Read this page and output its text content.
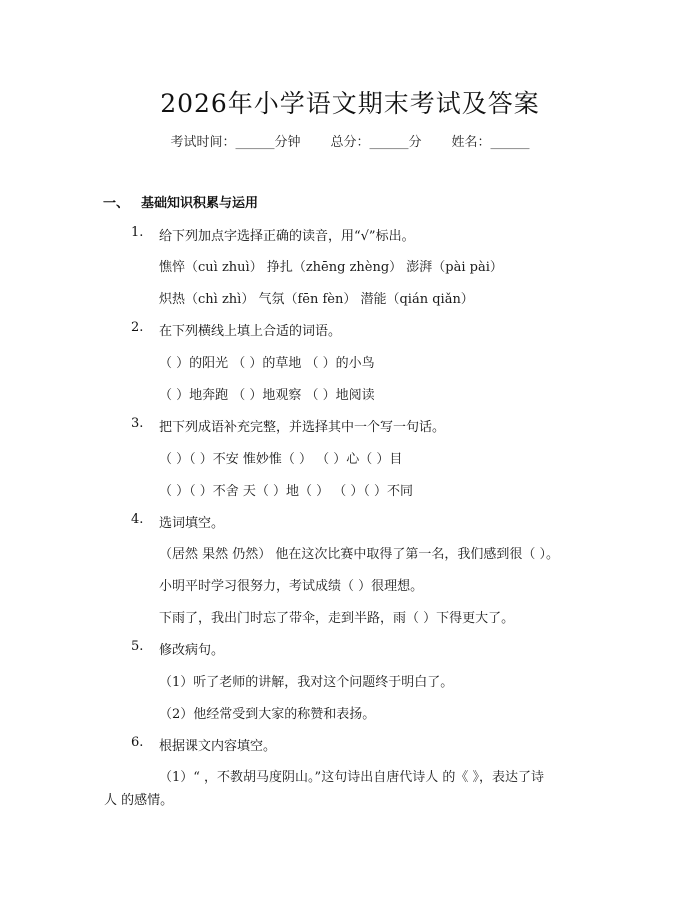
2026年小学语文期末考试及答案
考试时间：______分钟 总分：______分 姓名：______
一、 基础知识积累与运用
1. 给下列加点字选择正确的读音，用“√”标出。
憔悴（cuì zhuì） 挣扎（zhēng zhèng） 澎湃（pài pài）
炽热（chì zhì） 气氛（fēn fèn） 潜能（qián qiǎn）
2. 在下列横线上填上合适的词语。
（ ）的阳光 （ ）的草地 （ ）的小鸟
（ ）地奔跑 （ ）地观察 （ ）地阅读
3. 把下列成语补充完整，并选择其中一个写一句话。
（ ）（ ）不安 惟妙惟（ ） （ ）心（ ）目
（ ）（ ）不舍 天（ ）地（ ） （ ）（ ）不同
4. 选词填空。
（居然 果然 仍然） 他在这次比赛中取得了第一名，我们感到很（ ）。
小明平时学习很努力，考试成绩（ ）很理想。
下雨了，我出门时忘了带伞，走到半路，雨（ ）下得更大了。
5. 修改病句。
（1）听了老师的讲解，我对这个问题终于明白了。
（2）他经常受到大家的称赞和表扬。
6. 根据课文内容填空。
（1）“ ，不教胡马度阴山。”这句诗出自唐代诗人 的《 》，表达了诗
人 的感情。
